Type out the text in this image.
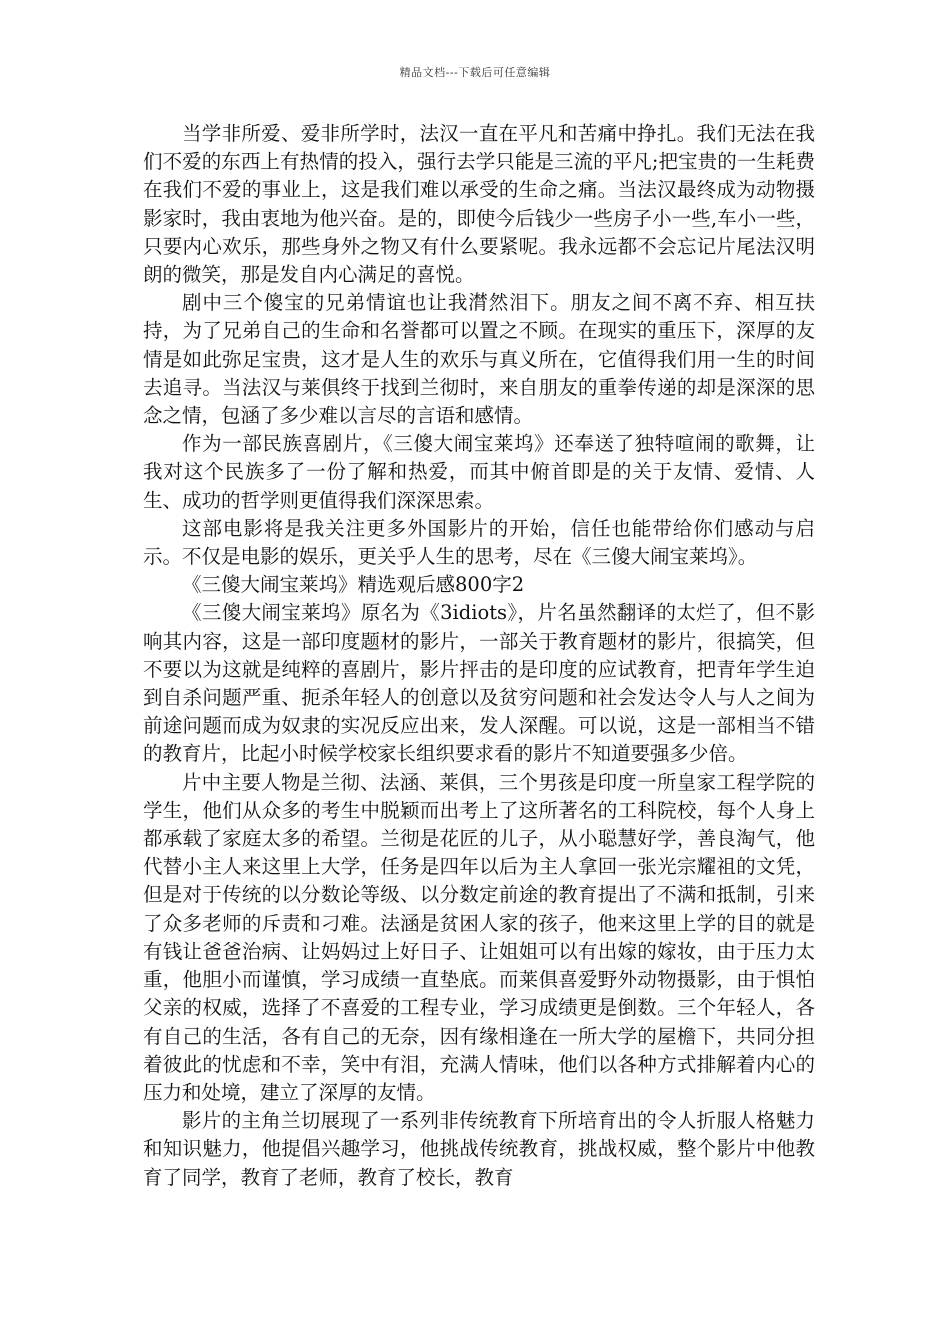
精品文档---下载后可任意编辑

当学非所爱、爱非所学时，法汉一直在平凡和苦痛中挣扎。我们无法在我们不爱的东西上有热情的投入，强行去学只能是三流的平凡;把宝贵的一生耗费在我们不爱的事业上，这是我们难以承受的生命之痛。当法汉最终成为动物摄影家时，我由衷地为他兴奋。是的，即使今后钱少一些房子小一些,车小一些，只要内心欢乐，那些身外之物又有什么要紧呢。我永远都不会忘记片尾法汉明朗的微笑，那是发自内心满足的喜悦。

剧中三个傻宝的兄弟情谊也让我潸然泪下。朋友之间不离不弃、相互扶持，为了兄弟自己的生命和名誉都可以置之不顾。在现实的重压下，深厚的友情是如此弥足宝贵，这才是人生的欢乐与真义所在，它值得我们用一生的时间去追寻。当法汉与莱俱终于找到兰彻时，来自朋友的重拳传递的却是深深的思念之情，包涵了多少难以言尽的言语和感情。

作为一部民族喜剧片，《三傻大闹宝莱坞》还奉送了独特喧闹的歌舞，让我对这个民族多了一份了解和热爱，而其中俯首即是的关于友情、爱情、人生、成功的哲学则更值得我们深深思索。

这部电影将是我关注更多外国影片的开始，信任也能带给你们感动与启示。不仅是电影的娱乐，更关乎人生的思考，尽在《三傻大闹宝莱坞》。

《三傻大闹宝莱坞》精选观后感800字2

《三傻大闹宝莱坞》原名为《3idiots》，片名虽然翻译的太烂了，但不影响其内容，这是一部印度题材的影片，一部关于教育题材的影片，很搞笑，但不要以为这就是纯粹的喜剧片，影片抨击的是印度的应试教育，把青年学生迫到自杀问题严重、扼杀年轻人的创意以及贫穷问题和社会发达令人与人之间为前途问题而成为奴隶的实况反应出来，发人深醒。可以说，这是一部相当不错的教育片，比起小时候学校家长组织要求看的影片不知道要强多少倍。

片中主要人物是兰彻、法涵、莱俱，三个男孩是印度一所皇家工程学院的学生，他们从众多的考生中脱颖而出考上了这所著名的工科院校，每个人身上都承载了家庭太多的希望。兰彻是花匠的儿子，从小聪慧好学，善良淘气，他代替小主人来这里上大学，任务是四年以后为主人拿回一张光宗耀祖的文凭，但是对于传统的以分数论等级、以分数定前途的教育提出了不满和抵制，引来了众多老师的斥责和刁难。法涵是贫困人家的孩子，他来这里上学的目的就是有钱让爸爸治病、让妈妈过上好日子、让姐姐可以有出嫁的嫁妆，由于压力太重，他胆小而谨慎，学习成绩一直垫底。而莱俱喜爱野外动物摄影，由于惧怕父亲的权威，选择了不喜爱的工程专业，学习成绩更是倒数。三个年轻人，各有自己的生活，各有自己的无奈，因有缘相逢在一所大学的屋檐下，共同分担着彼此的忧虑和不幸，笑中有泪，充满人情味，他们以各种方式排解着内心的压力和处境，建立了深厚的友情。

影片的主角兰切展现了一系列非传统教育下所培育出的令人折服人格魅力和知识魅力，他提倡兴趣学习，他挑战传统教育，挑战权威，整个影片中他教育了同学，教育了老师，教育了校长，教育
